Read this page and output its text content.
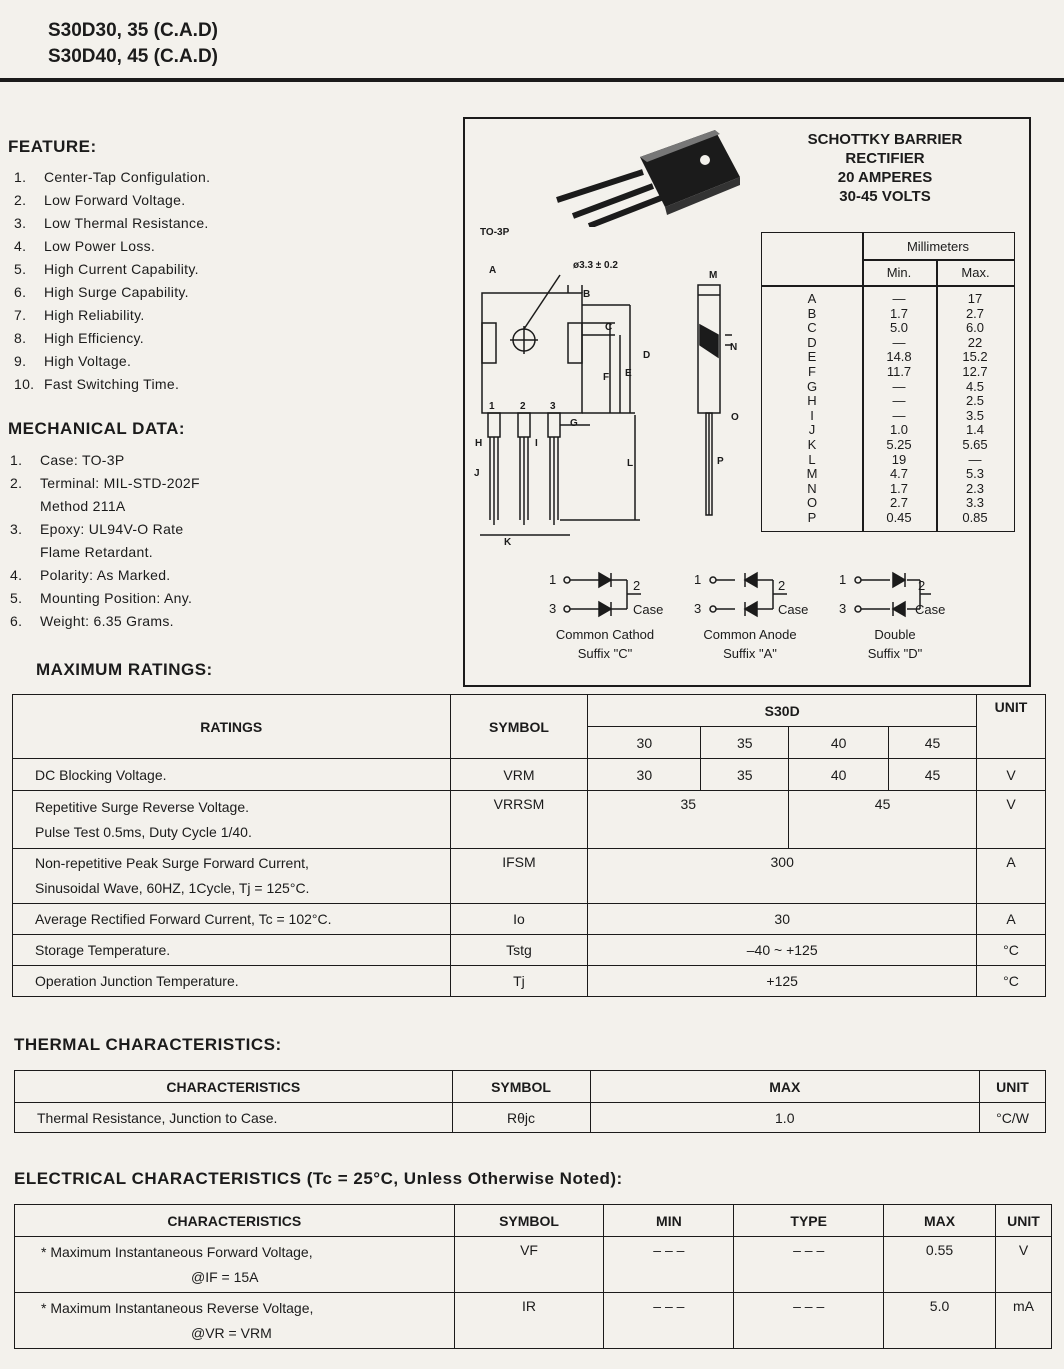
S30D30, 35 (C.A.D)
S30D40, 45 (C.A.D)
FEATURE:
1. Center-Tap Configulation.
2. Low Forward Voltage.
3. Low Thermal Resistance.
4. Low Power Loss.
5. High Current Capability.
6. High Surge Capability.
7. High Reliability.
8. High Efficiency.
9. High Voltage.
10. Fast Switching Time.
MECHANICAL DATA:
1. Case: TO-3P
2. Terminal: MIL-STD-202F
Method 211A
3. Epoxy: UL94V-O Rate
Flame Retardant.
4. Polarity: As Marked.
5. Mounting Position: Any.
6. Weight: 6.35 Grams.
SCHOTTKY BARRIER
RECTIFIER
20 AMPERES
30-45 VOLTS
TO-3P
ø3.3 ± 0.2
A
B
C
D
E
F
G
H	I
J
K
L
M
N
O
P
1	2 3
Millimeters
Min.	Max.
A	—	17
B	1.7	2.7
C	5.0	6.0
D	—	22
E	14.8	15.2
F	11.7	12.7
G	—	4.5
H	—	2.5
I	—	3.5
J	1.0	1.4
K	5.25	5.65
L	19	—
M	4.7	5.3
N	1.7	2.3
O	2.7	3.3
P	0.45	0.85
MAXIMUM RATINGS:
RATINGS	SYMBOL	S30D				UNIT
		30	35	40	45	
DC Blocking Voltage.	VRM	30	35	40	45	V

Repetitive Surge Reverse Voltage.
Pulse Test 0.5ms, Duty Cycle 1/40.	VRRSM	35		45		V

Non-repetitive Peak Surge Forward Current,
Sinusoidal Wave, 60HZ, 1Cycle, Tj = 125°C.	IFSM	300				A
Average Rectified Forward Current, Tc = 102°C.	Io	30				A
Storage Temperature.	Tstg	–40 ~ +125				°C
Operation Junction Temperature.	Tj	+125				°C
THERMAL CHARACTERISTICS:
CHARACTERISTICS	SYMBOL	MAX	UNIT
Thermal Resistance, Junction to Case.	Rθjc	1.0	°C/W
ELECTRICAL CHARACTERISTICS (Tc = 25°C, Unless Otherwise Noted):
CHARACTERISTICS	SYMBOL	MIN	TYPE	MAX	UNIT

* Maximum Instantaneous Forward Voltage,
@IF = 15A	VF	– – –	– – –	0.55	V

* Maximum Instantaneous Reverse Voltage,
@VR = VRM	IR	– – –	– – –	5.0	mA
1
3
2
Case
Common Cathod
Suffix "C"
1
3
2
Case
Common Anode
Suffix "A"
1
3
2
Case
Double
Suffix "D"
